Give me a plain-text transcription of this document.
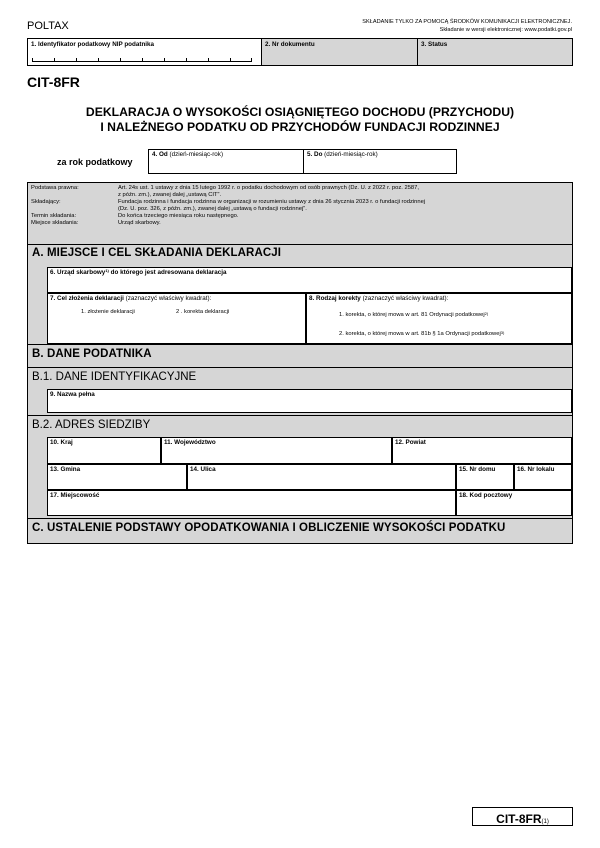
POLTAX	SKŁADANIE TYLKO ZA POMOCĄ ŚRODKÓW KOMUNIKACJI ELEKTRONICZNEJ.
Składanie w wersji elektronicznej: www.podatki.gov.pl
1. Identyfikator podatkowy NIP podatnika	2. Nr dokumentu	3. Status
CIT-8FR
DEKLARACJA O WYSOKOŚCI OSIĄGNIĘTEGO DOCHODU (PRZYCHODU)
I NALEŻNEGO PODATKU OD PRZYCHODÓW FUNDACJI RODZINNEJ
za rok podatkowy
4. Od (dzień-miesiąc-rok)	5. Do (dzień-miesiąc-rok)
Podstawa prawna:	Art. 24s ust. 1 ustawy z dnia 15 lutego 1992 r. o podatku dochodowym od osób prawnych (Dz. U. z 2022 r. poz. 2587,
z późn. zm.), zwanej dalej „ustawą CIT”.
Składający:	Fundacja rodzinna i fundacja rodzinna w organizacji w rozumieniu ustawy z dnia 26 stycznia 2023 r. o fundacji rodzinnej
(Dz. U. poz. 326, z późn. zm.), zwanej dalej „ustawą o fundacji rodzinnej”.
Termin składania:	Do końca trzeciego miesiąca roku następnego.
Miejsce składania:	Urząd skarbowy.
A. MIEJSCE I CEL SKŁADANIA DEKLARACJI
6. Urząd skarbowy$^{1)}$ do którego jest adresowana deklaracja
7. Cel złożenia deklaracji (zaznaczyć właściwy kwadrat):
1. złożenie deklaracji	2 . korekta deklaracji
8. Rodzaj korekty (zaznaczyć właściwy kwadrat):
1. korekta, o której mowa w art. 81 Ordynacji podatkowej$^{2)}$
2. korekta, o której mowa w art. 81b § 1a Ordynacji podatkowej$^{3)}$
B. DANE PODATNIKA
B.1. DANE IDENTYFIKACYJNE
9. Nazwa pełna
B.2. ADRES SIEDZIBY
10. Kraj	11. Województwo	12. Powiat
13. Gmina	14. Ulica	15. Nr domu	16. Nr lokalu
17. Miejscowość	18. Kod pocztowy
C. USTALENIE PODSTAWY OPODATKOWANIA I OBLICZENIE WYSOKOŚCI PODATKU
CIT-8FR(1)
